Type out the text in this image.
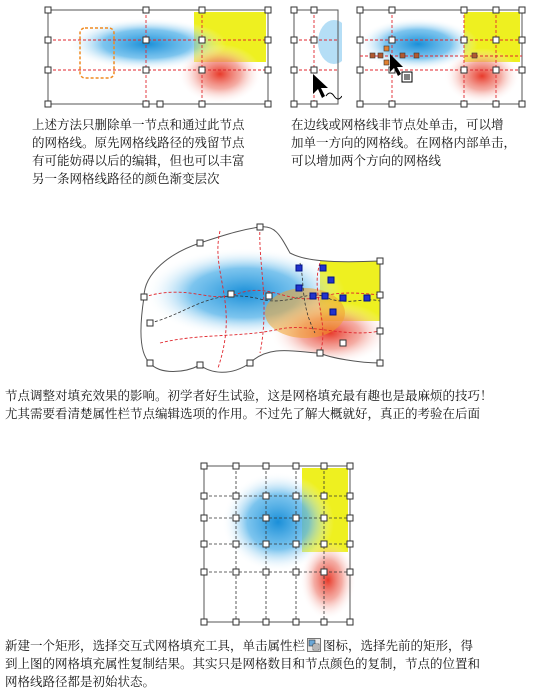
上述方法只删除单一节点和通过此节点
的网格线。原先网格线路径的残留节点
有可能妨碍以后的编辑，但也可以丰富
另一条网格线路径的颜色渐变层次

在边线或网格线非节点处单击，可以增
加单一方向的网格线。在网格内部单击，
可以增加两个方向的网格线

节点调整对填充效果的影响。初学者好生试验，这是网格填充最有趣也是最麻烦的技巧！
尤其需要看清楚属性栏节点编辑选项的作用。不过先了解大概就好，真正的考验在后面

新建一个矩形，选择交互式网格填充工具，单击属性栏 图标，选择先前的矩形，得
到上图的网格填充属性复制结果。其实只是网格数目和节点颜色的复制，节点的位置和
网格线路径都是初始状态。
